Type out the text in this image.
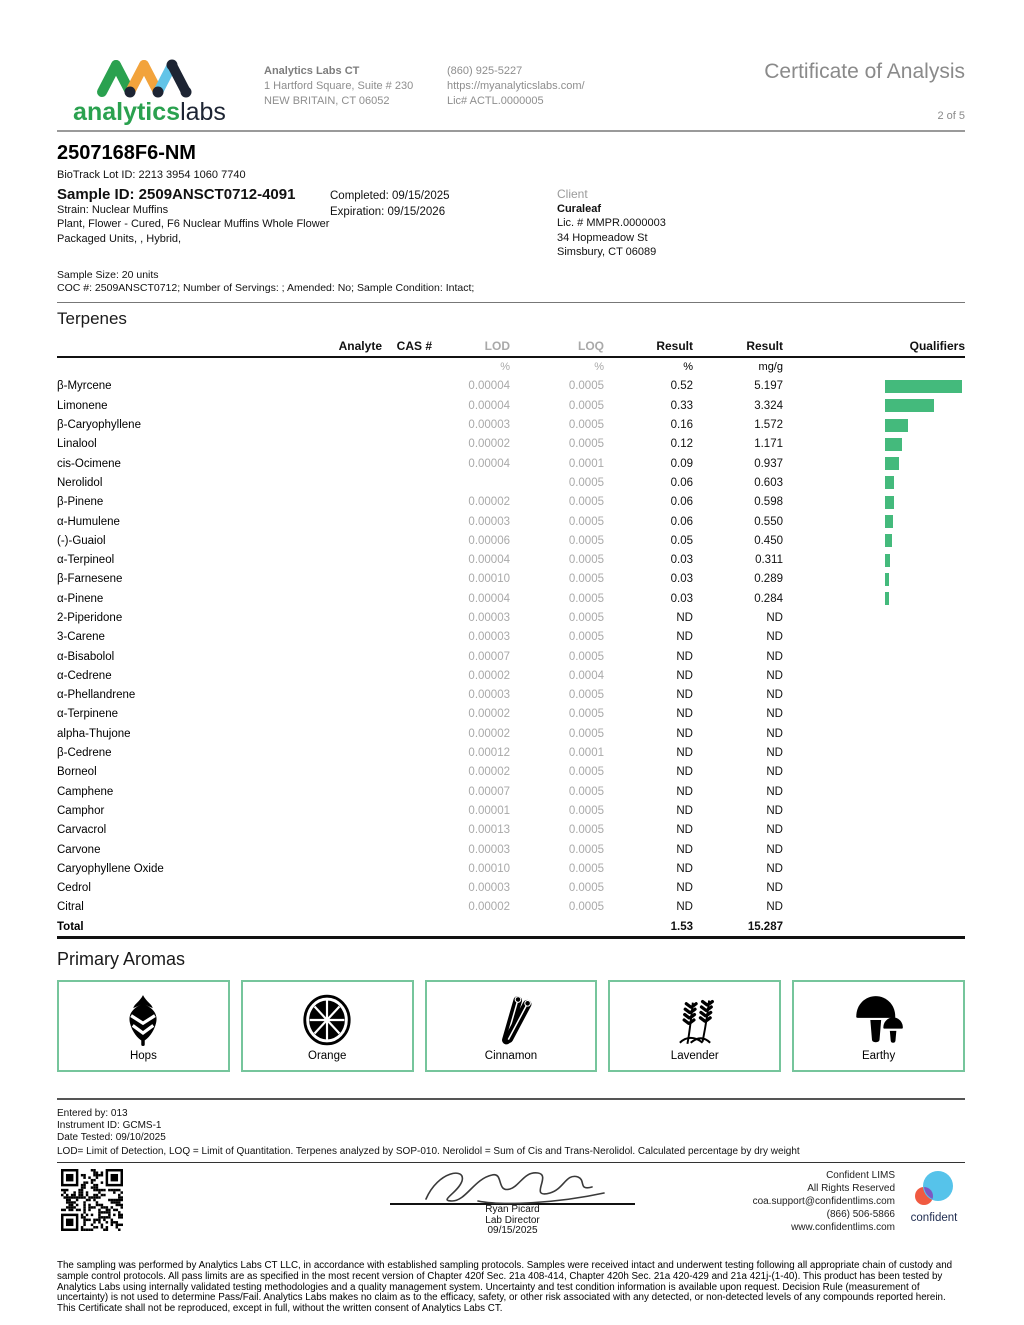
analyticslabs
Analytics Labs CT
1 Hartford Square, Suite # 230
NEW BRITAIN, CT 06052
(860) 925-5227
https://myanalyticslabs.com/
Lic# ACTL.0000005
Certificate of Analysis
2 of 5
2507168F6-NM
BioTrack Lot ID: 2213 3954 1060 7740
Sample ID: 2509ANSCT0712-4091
Strain: Nuclear Muffins
Plant, Flower - Cured, F6 Nuclear Muffins Whole Flower Packaged Units, , Hybrid,
Completed: 09/15/2025
Expiration: 09/15/2026
Client
Curaleaf
Lic. # MMPR.0000003
34 Hopmeadow St
Simsbury, CT 06089
Sample Size: 20 units
COC #: 2509ANSCT0712; Number of Servings: ; Amended: No; Sample Condition: Intact;
Terpenes
Analyte	CAS #	LOD	LOQ	Result	Result	Qualifiers
		%	%	%	mg/g	
β-Myrcene		0.00004	0.0005	0.52	5.197	

Limonene		0.00004	0.0005	0.33	3.324	

β-Caryophyllene		0.00003	0.0005	0.16	1.572	

Linalool		0.00002	0.0005	0.12	1.171	

cis-Ocimene		0.00004	0.0001	0.09	0.937	

Nerolidol			0.0005	0.06	0.603	

β-Pinene		0.00002	0.0005	0.06	0.598	

α-Humulene		0.00003	0.0005	0.06	0.550	

(-)-Guaiol		0.00006	0.0005	0.05	0.450	

α-Terpineol		0.00004	0.0005	0.03	0.311	

β-Farnesene		0.00010	0.0005	0.03	0.289	

α-Pinene		0.00004	0.0005	0.03	0.284	

2-Piperidone		0.00003	0.0005	ND	ND	
3-Carene		0.00003	0.0005	ND	ND	
α-Bisabolol		0.00007	0.0005	ND	ND	
α-Cedrene		0.00002	0.0004	ND	ND	
α-Phellandrene		0.00003	0.0005	ND	ND	
α-Terpinene		0.00002	0.0005	ND	ND	
alpha-Thujone		0.00002	0.0005	ND	ND	
β-Cedrene		0.00012	0.0001	ND	ND	
Borneol		0.00002	0.0005	ND	ND	
Camphene		0.00007	0.0005	ND	ND	
Camphor		0.00001	0.0005	ND	ND	
Carvacrol		0.00013	0.0005	ND	ND	
Carvone		0.00003	0.0005	ND	ND	
Caryophyllene Oxide		0.00010	0.0005	ND	ND	
Cedrol		0.00003	0.0005	ND	ND	
Citral		0.00002	0.0005	ND	ND	
Total				1.53	15.287	
Primary Aromas
Hops	Orange	Cinnamon	Lavender	Earthy
Entered by: 013
Instrument ID: GCMS-1
Date Tested: 09/10/2025
LOD= Limit of Detection, LOQ = Limit of Quantitation. Terpenes analyzed by SOP-010. Nerolidol = Sum of Cis and Trans-Nerolidol. Calculated percentage by dry weight
Ryan Picard
Lab Director
09/15/2025
Confident LIMS
All Rights Reserved
coa.support@confidentlims.com
(866) 506-5866
www.confidentlims.com
confident

The sampling was performed by Analytics Labs CT LLC, in accordance with established sampling protocols. Samples were received intact and underwent testing following all appropriate chain of custody and sample control protocols. All pass limits are as specified in the most recent version of Chapter 420f Sec. 21a 408-414, Chapter 420h Sec. 21a 420-429 and 21a 421j-(1-40). This product has been tested by Analytics Labs using internally validated testing methodologies and a quality management system. Uncertainty and test condition information is available upon request. Decision Rule (measurement of uncertainty) is not used to determine Pass/Fail. Analytics Labs makes no claim as to the efficacy, safety, or other risk associated with any detected, or non-detected levels of any compounds reported herein. This Certificate shall not be reproduced, except in full, without the written consent of Analytics Labs CT.
